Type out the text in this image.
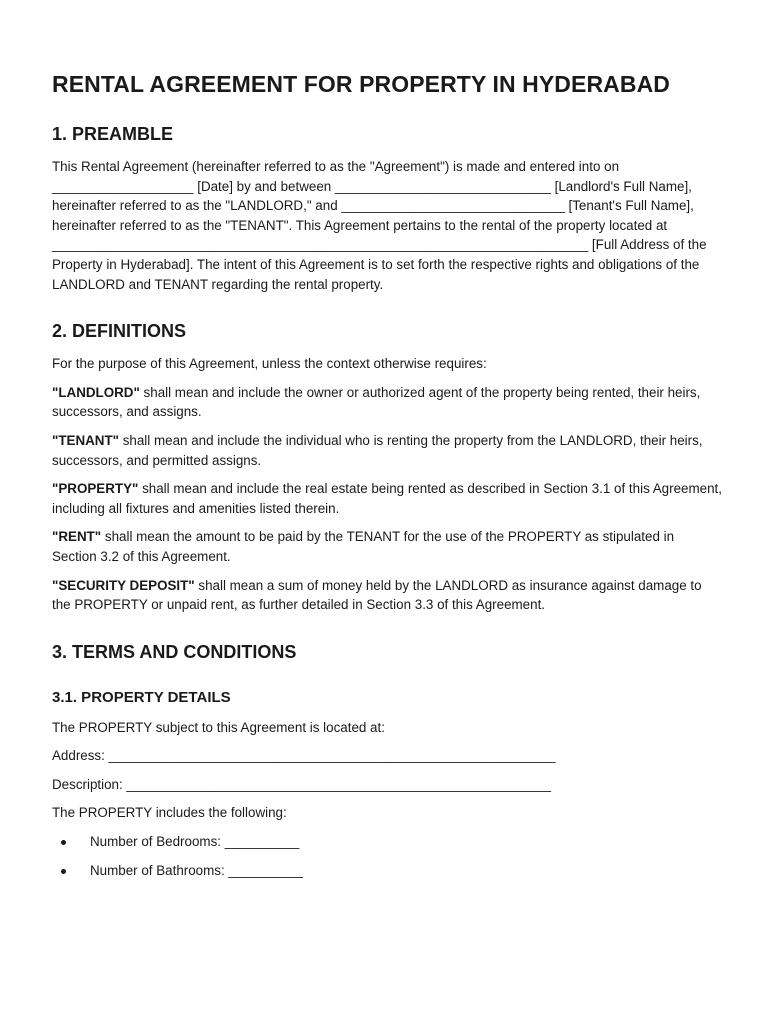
RENTAL AGREEMENT FOR PROPERTY IN HYDERABAD
1. PREAMBLE

This Rental Agreement (hereinafter referred to as the "Agreement") is made and entered into on ___________________ [Date] by and between _____________________________ [Landlord's Full Name], hereinafter referred to as the "LANDLORD," and ______________________________ [Tenant's Full Name], hereinafter referred to as the "TENANT". This Agreement pertains to the rental of the property located at ________________________________________________________________________ [Full Address of the Property in Hyderabad]. The intent of this Agreement is to set forth the respective rights and obligations of the LANDLORD and TENANT regarding the rental property.

2. DEFINITIONS

For the purpose of this Agreement, unless the context otherwise requires:

"LANDLORD" shall mean and include the owner or authorized agent of the property being rented, their heirs, successors, and assigns.

"TENANT" shall mean and include the individual who is renting the property from the LANDLORD, their heirs, successors, and permitted assigns.

"PROPERTY" shall mean and include the real estate being rented as described in Section 3.1 of this Agreement, including all fixtures and amenities listed therein.

"RENT" shall mean the amount to be paid by the TENANT for the use of the PROPERTY as stipulated in Section 3.2 of this Agreement.

"SECURITY DEPOSIT" shall mean a sum of money held by the LANDLORD as insurance against damage to the PROPERTY or unpaid rent, as further detailed in Section 3.3 of this Agreement.

3. TERMS AND CONDITIONS
3.1. PROPERTY DETAILS

The PROPERTY subject to this Agreement is located at:

Address: ____________________________________________________________

Description: _________________________________________________________

The PROPERTY includes the following:

Number of Bedrooms: __________
Number of Bathrooms: __________
